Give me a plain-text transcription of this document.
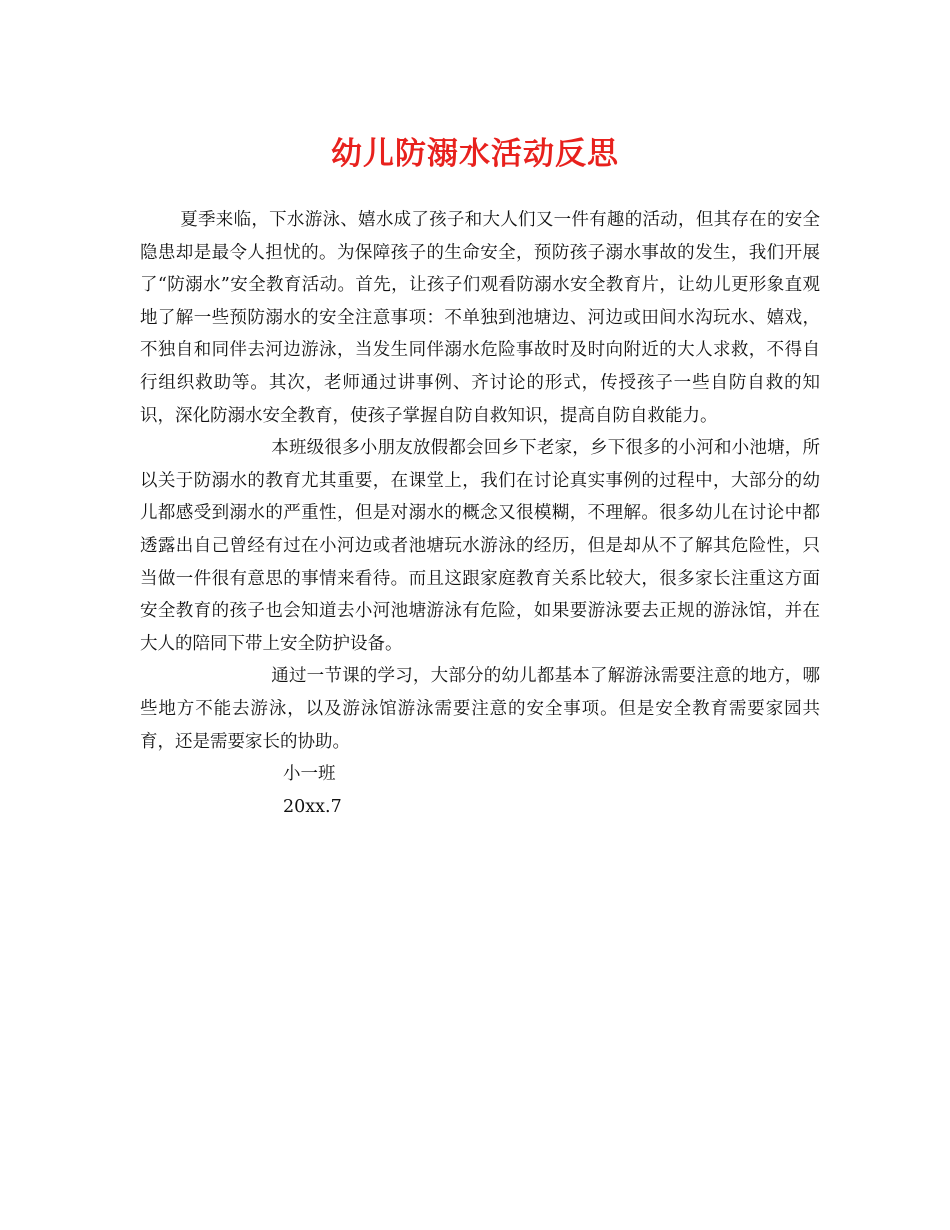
幼儿防溺水活动反思

夏季来临，下水游泳、嬉水成了孩子和大人们又一件有趣的活动，但其存在的安全隐患却是最令人担忧的。为保障孩子的生命安全，预防孩子溺水事故的发生，我们开展了“防溺水”安全教育活动。首先，让孩子们观看防溺水安全教育片，让幼儿更形象直观地了解一些预防溺水的安全注意事项：不单独到池塘边、河边或田间水沟玩水、嬉戏，不独自和同伴去河边游泳，当发生同伴溺水危险事故时及时向附近的大人求救，不得自行组织救助等。其次，老师通过讲事例、齐讨论的形式，传授孩子一些自防自救的知识，深化防溺水安全教育，使孩子掌握自防自救知识，提高自防自救能力。

本班级很多小朋友放假都会回乡下老家，乡下很多的小河和小池塘，所以关于防溺水的教育尤其重要，在课堂上，我们在讨论真实事例的过程中，大部分的幼儿都感受到溺水的严重性，但是对溺水的概念又很模糊，不理解。很多幼儿在讨论中都透露出自己曾经有过在小河边或者池塘玩水游泳的经历，但是却从不了解其危险性，只当做一件很有意思的事情来看待。而且这跟家庭教育关系比较大，很多家长注重这方面安全教育的孩子也会知道去小河池塘游泳有危险，如果要游泳要去正规的游泳馆，并在大人的陪同下带上安全防护设备。

通过一节课的学习，大部分的幼儿都基本了解游泳需要注意的地方，哪些地方不能去游泳，以及游泳馆游泳需要注意的安全事项。但是安全教育需要家园共育，还是需要家长的协助。

小一班

20xx.7
